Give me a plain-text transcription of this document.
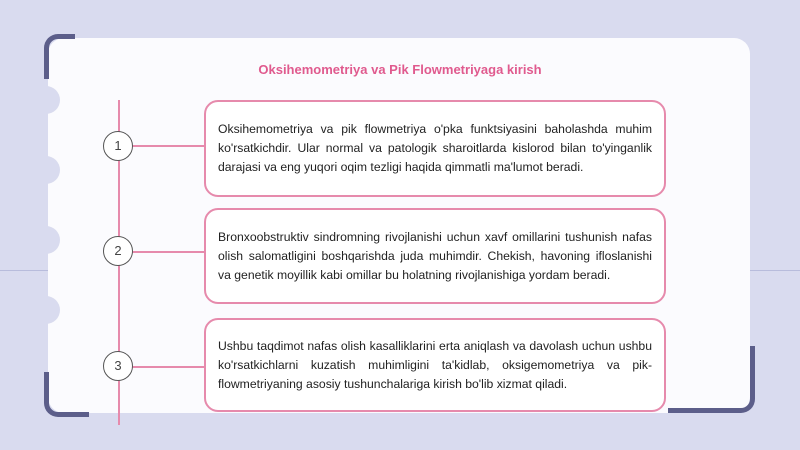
Oksihemometriya va Pik Flowmetriyaga kirish
1

Oksihemometriya va pik flowmetriya o'pka funktsiyasini baholashda muhim ko'rsatkichdir. Ular normal va patologik sharoitlarda kislorod bilan to'yinganlik darajasi va eng yuqori oqim tezligi haqida qimmatli ma'lumot beradi.

2

Bronxoobstruktiv sindromning rivojlanishi uchun xavf omillarini tushunish nafas olish salomatligini boshqarishda juda muhimdir. Chekish, havoning ifloslanishi va genetik moyillik kabi omillar bu holatning rivojlanishiga yordam beradi.

3

Ushbu taqdimot nafas olish kasalliklarini erta aniqlash va davolash uchun ushbu ko'rsatkichlarni kuzatish muhimligini ta'kidlab, oksigemometriya va pik-flowmetriyaning asosiy tushunchalariga kirish bo'lib xizmat qiladi.
